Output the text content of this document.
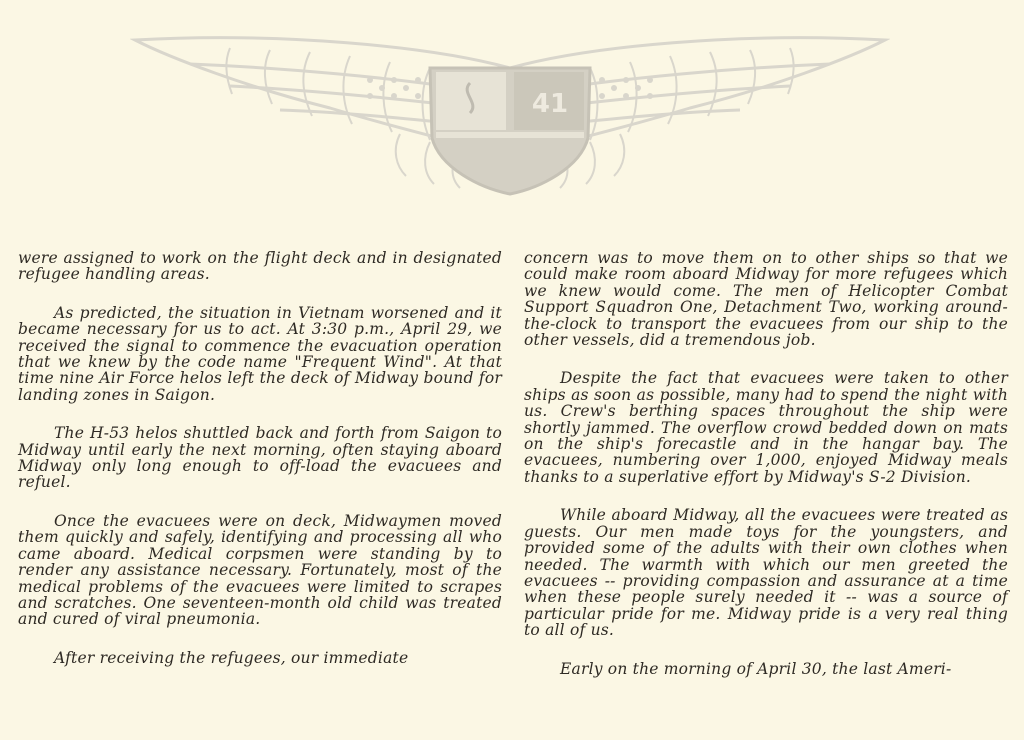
41

were assigned to work on the flight deck and in designated refugee handling areas.

As predicted, the situation in Vietnam worsened and it became necessary for us to act. At 3:30 p.m., April 29, we received the signal to commence the evacuation operation that we knew by the code name "Frequent Wind". At that time nine Air Force helos left the deck of Midway bound for landing zones in Saigon.

The H-53 helos shuttled back and forth from Saigon to Midway until early the next morning, often staying aboard Midway only long enough to off-load the evacuees and refuel.

Once the evacuees were on deck, Midwaymen moved them quickly and safely, identifying and processing all who came aboard. Medical corpsmen were standing by to render any assistance necessary. Fortunately, most of the medical problems of the evacuees were limited to scrapes and scratches. One seventeen-month old child was treated and cured of viral pneumonia.

After receiving the refugees, our immediate

concern was to move them on to other ships so that we could make room aboard Midway for more refugees which we knew would come. The men of Helicopter Combat Support Squadron One, Detachment Two, working around-the-clock to transport the evacuees from our ship to the other vessels, did a tremendous job.

Despite the fact that evacuees were taken to other ships as soon as possible, many had to spend the night with us. Crew's berthing spaces throughout the ship were shortly jammed. The overflow crowd bedded down on mats on the ship's forecastle and in the hangar bay. The evacuees, numbering over 1,000, enjoyed Midway meals thanks to a superlative effort by Midway's S-2 Division.

While aboard Midway, all the evacuees were treated as guests. Our men made toys for the youngsters, and provided some of the adults with their own clothes when needed. The warmth with which our men greeted the evacuees -- providing compassion and assurance at a time when these people surely needed it -- was a source of particular pride for me. Midway pride is a very real thing to all of us.

Early on the morning of April 30, the last Ameri-
